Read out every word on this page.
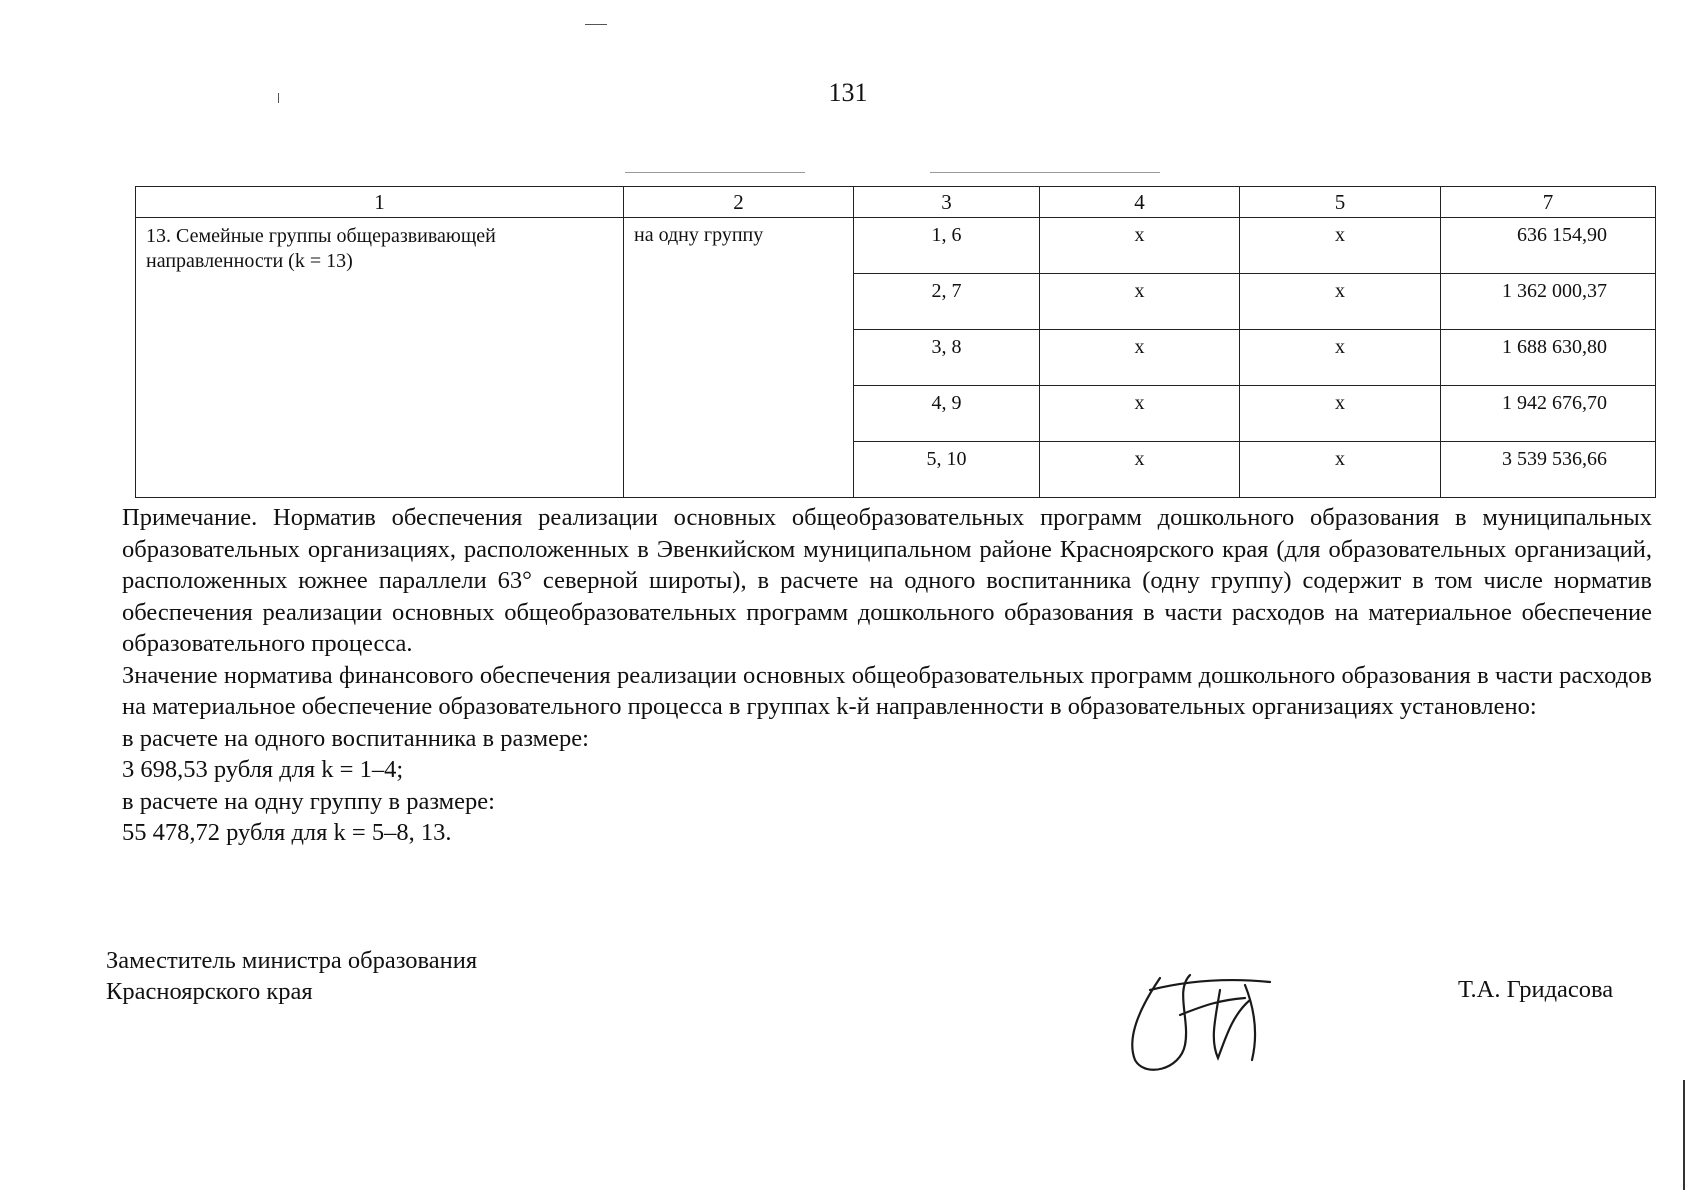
131
1	2	3	4	5	7
13. Семейные группы общеразвивающей направленности (k = 13)	на одну группу	1, 6	х	х	636 154,90
		2, 7	х	х	1 362 000,37
		3, 8	х	х	1 688 630,80
		4, 9	х	х	1 942 676,70
		5, 10	х	х	3 539 536,66

Примечание. Норматив обеспечения реализации основных общеобразовательных программ дошкольного образования в муниципальных образовательных организациях, расположенных в Эвенкийском муниципальном районе Красноярского края (для образовательных организаций, расположенных южнее параллели 63° северной широты), в расчете на одного воспитанника (одну группу) содержит в том числе норматив обеспечения реализации основных общеобразовательных программ дошкольного образования в части расходов на материальное обеспечение образовательного процесса.

Значение норматива финансового обеспечения реализации основных общеобразовательных программ дошкольного образования в части расходов на материальное обеспечение образовательного процесса в группах k-й направленности в образовательных организациях установлено:

в расчете на одного воспитанника в размере:

3 698,53 рубля для k = 1–4;

в расчете на одну группу в размере:

55 478,72 рубля для k = 5–8, 13.

Заместитель министра образования
Красноярского края	Т.А. Гридасова
